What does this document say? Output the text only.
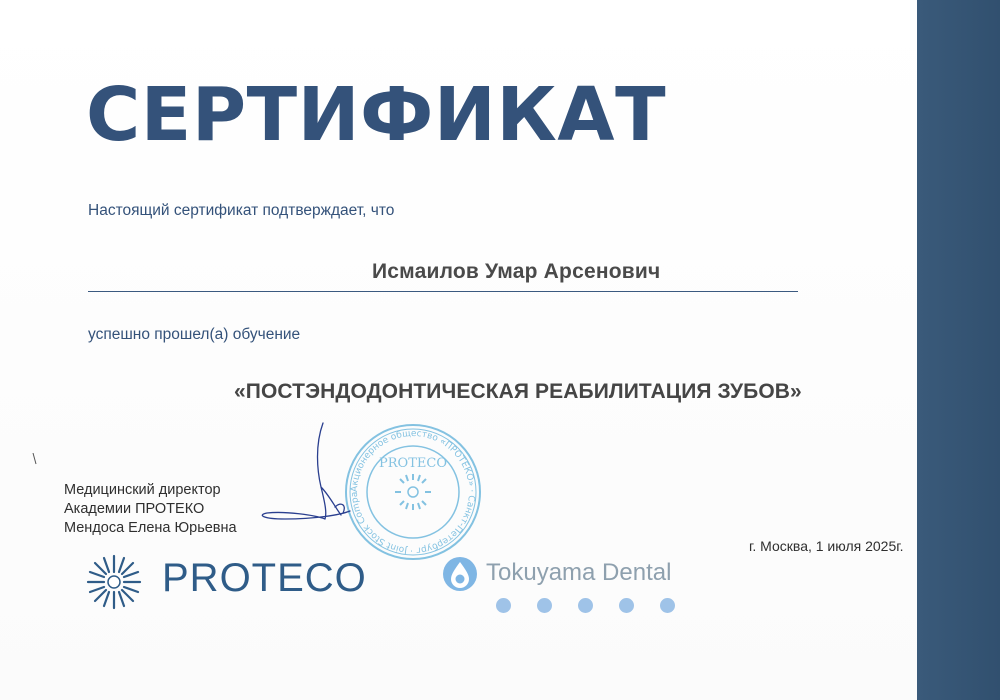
СЕРТИФИКАТ
Настоящий сертификат подтверждает, что
Исмаилов Умар Арсенович
успешно прошел(а) обучение
«ПОСТЭНДОДОНТИЧЕСКАЯ РЕАБИЛИТАЦИЯ ЗУБОВ»
Медицинский директор
Академии ПРОТЕКО
Мендоса Елена Юрьевна
Акционерное общество «ПРОТЕКО» · Санкт-Петербург · Joint Stock Compa
PROTECO
г. Москва, 1 июля 2025г.
PROTECO	Tokuyama Dental
